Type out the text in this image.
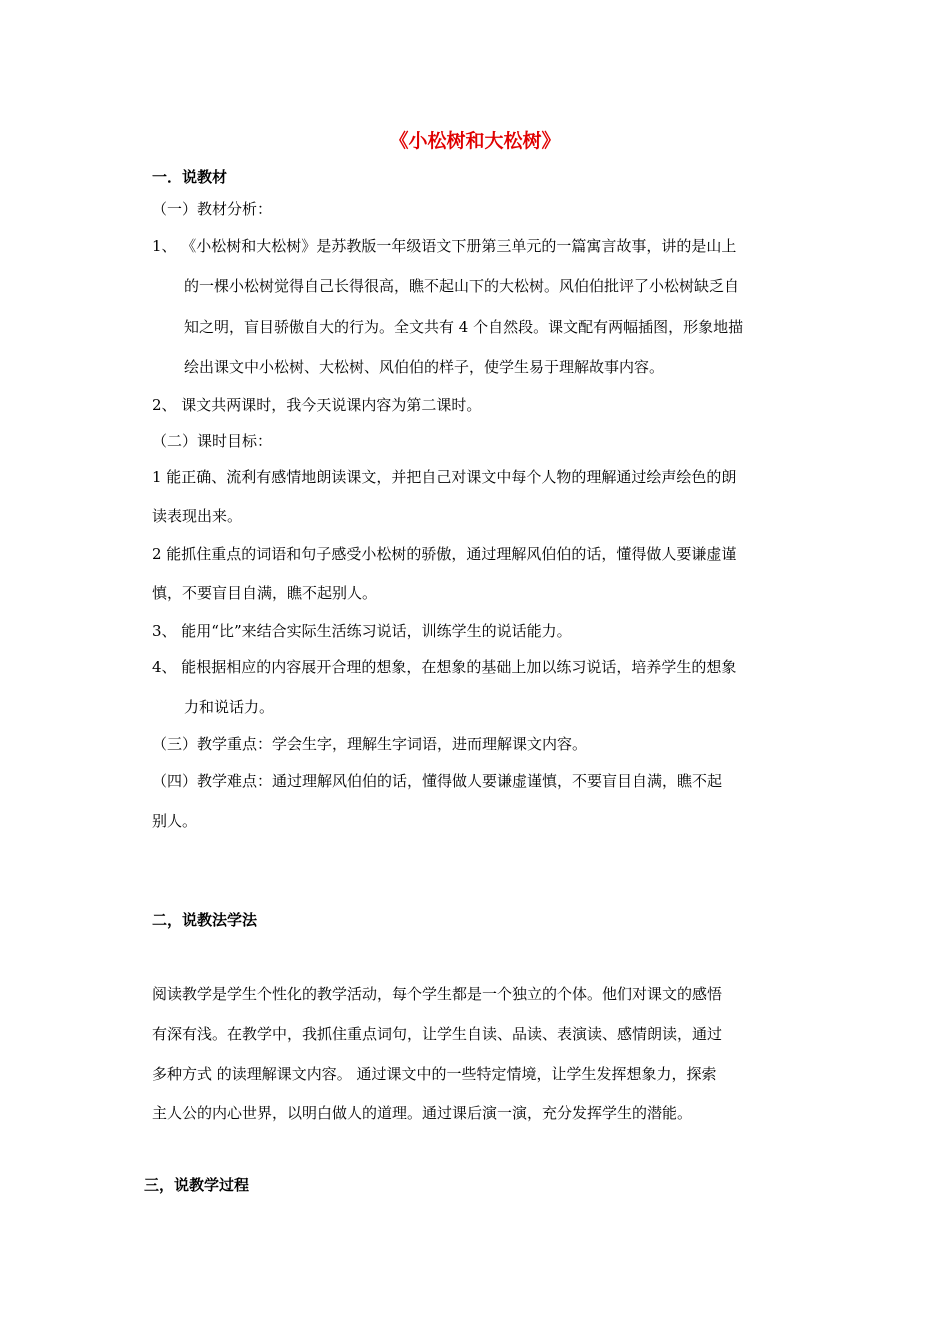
《小松树和大松树》
一．说教材
（一）教材分析：
1、 《小松树和大松树》是苏教版一年级语文下册第三单元的一篇寓言故事，讲的是山上
的一棵小松树觉得自己长得很高，瞧不起山下的大松树。风伯伯批评了小松树缺乏自
知之明，盲目骄傲自大的行为。全文共有 4 个自然段。课文配有两幅插图，形象地描
绘出课文中小松树、大松树、风伯伯的样子，使学生易于理解故事内容。
2、 课文共两课时，我今天说课内容为第二课时。
（二）课时目标：
1 能正确、流利有感情地朗读课文，并把自己对课文中每个人物的理解通过绘声绘色的朗
读表现出来。
2 能抓住重点的词语和句子感受小松树的骄傲，通过理解风伯伯的话，懂得做人要谦虚谨
慎，不要盲目自满，瞧不起别人。
3、 能用“比”来结合实际生活练习说话，训练学生的说话能力。
4、 能根据相应的内容展开合理的想象，在想象的基础上加以练习说话，培养学生的想象
力和说话力。
（三）教学重点：学会生字，理解生字词语，进而理解课文内容。
（四）教学难点：通过理解风伯伯的话，懂得做人要谦虚谨慎，不要盲目自满，瞧不起
别人。
二，说教法学法
阅读教学是学生个性化的教学活动，每个学生都是一个独立的个体。他们对课文的感悟
有深有浅。在教学中，我抓住重点词句，让学生自读、品读、表演读、感情朗读，通过
多种方式 的读理解课文内容。 通过课文中的一些特定情境，让学生发挥想象力，探索
主人公的内心世界，以明白做人的道理。通过课后演一演，充分发挥学生的潜能。
三，说教学过程
